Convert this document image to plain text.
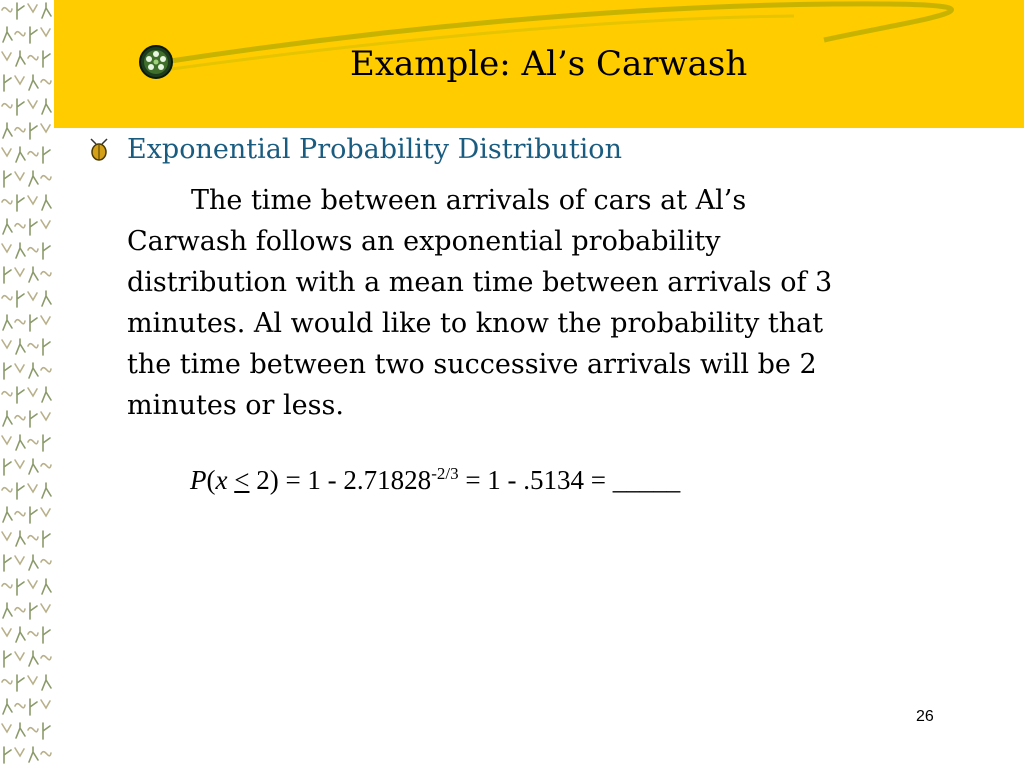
Example: Al’s Carwash
Exponential Probability Distribution
The time between arrivals of cars at Al’s
Carwash follows an exponential probability
distribution with a mean time between arrivals of 3
minutes. Al would like to know the probability that
the time between two successive arrivals will be 2
minutes or less.
$P(x < 2) = 1 - 2.71828^{-2/3} = 1 - .5134$ = _____
26
